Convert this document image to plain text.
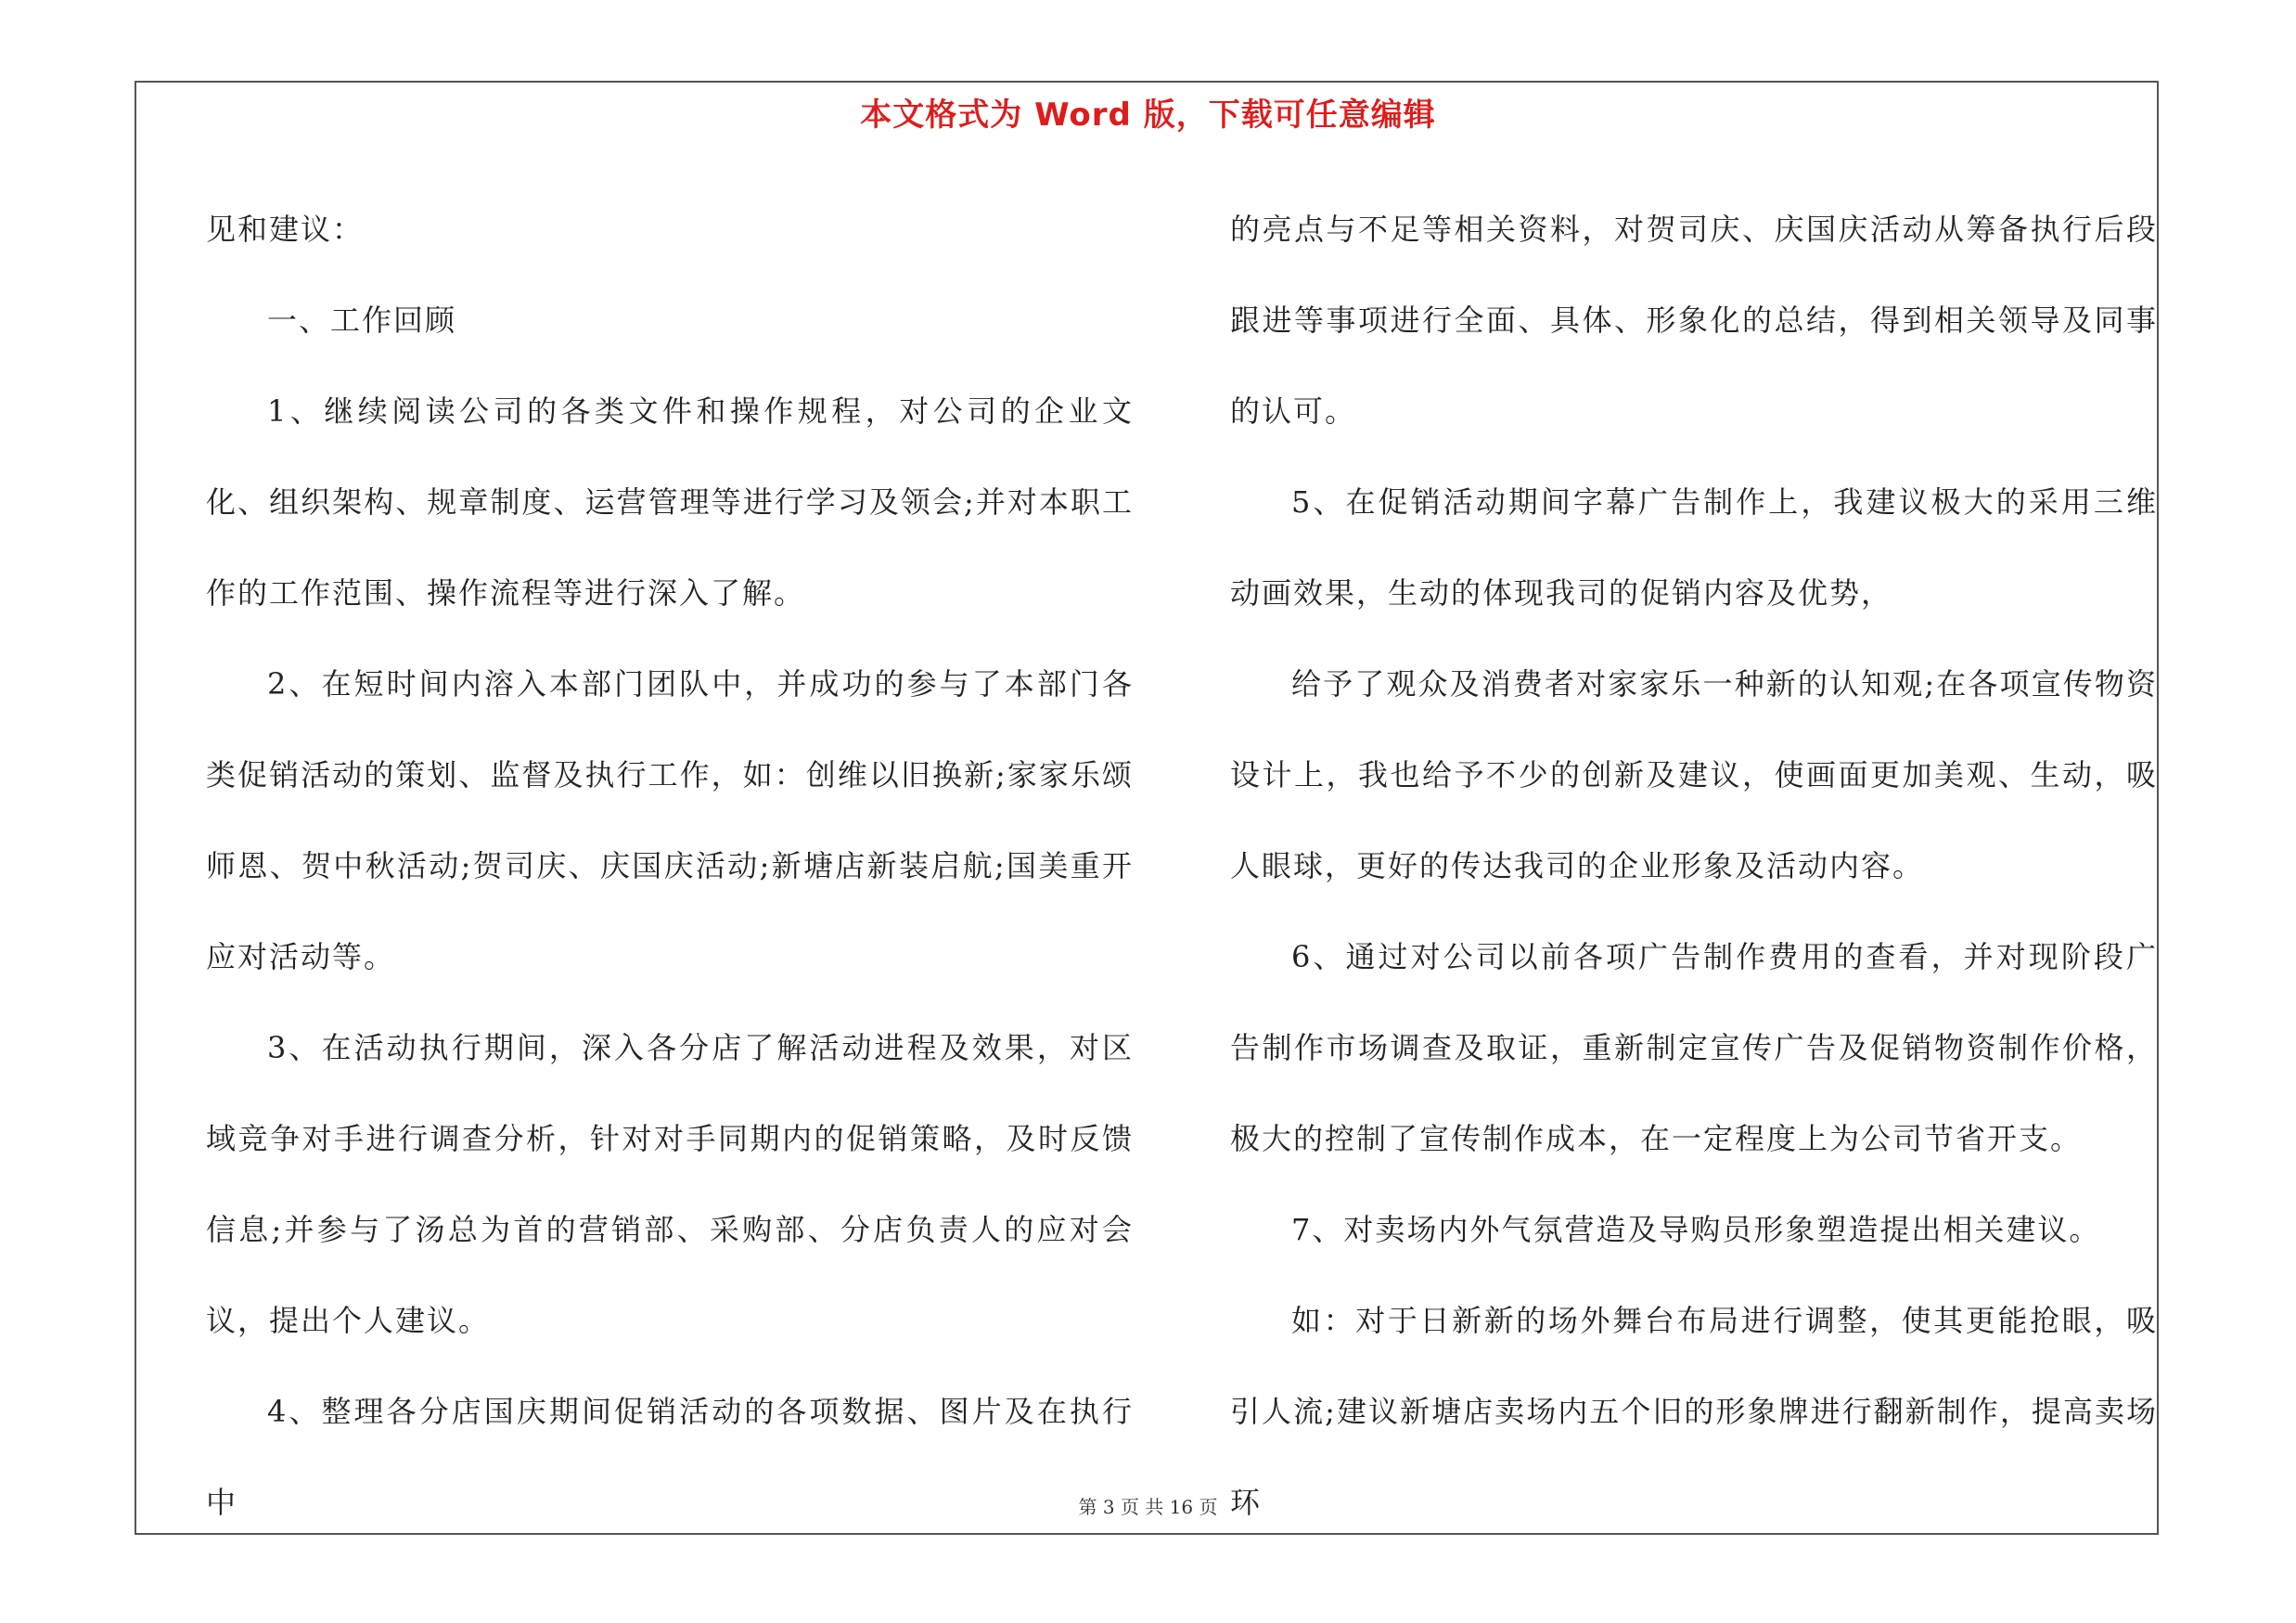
本文格式为 Word 版，下载可任意编辑

见和建议：

一、工作回顾

1、继续阅读公司的各类文件和操作规程，对公司的企业文化、组织架构、规章制度、运营管理等进行学习及领会;并对本职工作的工作范围、操作流程等进行深入了解。

2、在短时间内溶入本部门团队中，并成功的参与了本部门各类促销活动的策划、监督及执行工作，如：创维以旧换新;家家乐颂师恩、贺中秋活动;贺司庆、庆国庆活动;新塘店新装启航;国美重开应对活动等。

3、在活动执行期间，深入各分店了解活动进程及效果，对区域竞争对手进行调查分析，针对对手同期内的促销策略，及时反馈信息;并参与了汤总为首的营销部、采购部、分店负责人的应对会议，提出个人建议。

4、整理各分店国庆期间促销活动的各项数据、图片及在执行中

的亮点与不足等相关资料，对贺司庆、庆国庆活动从筹备执行后段跟进等事项进行全面、具体、形象化的总结，得到相关领导及同事的认可。

5、在促销活动期间字幕广告制作上，我建议极大的采用三维动画效果，生动的体现我司的促销内容及优势，

给予了观众及消费者对家家乐一种新的认知观;在各项宣传物资设计上，我也给予不少的创新及建议，使画面更加美观、生动，吸人眼球，更好的传达我司的企业形象及活动内容。

6、通过对公司以前各项广告制作费用的查看，并对现阶段广告制作市场调查及取证，重新制定宣传广告及促销物资制作价格，极大的控制了宣传制作成本，在一定程度上为公司节省开支。

7、对卖场内外气氛营造及导购员形象塑造提出相关建议。

如：对于日新新的场外舞台布局进行调整，使其更能抢眼，吸引人流;建议新塘店卖场内五个旧的形象牌进行翻新制作，提高卖场环

第 3 页 共 16 页
